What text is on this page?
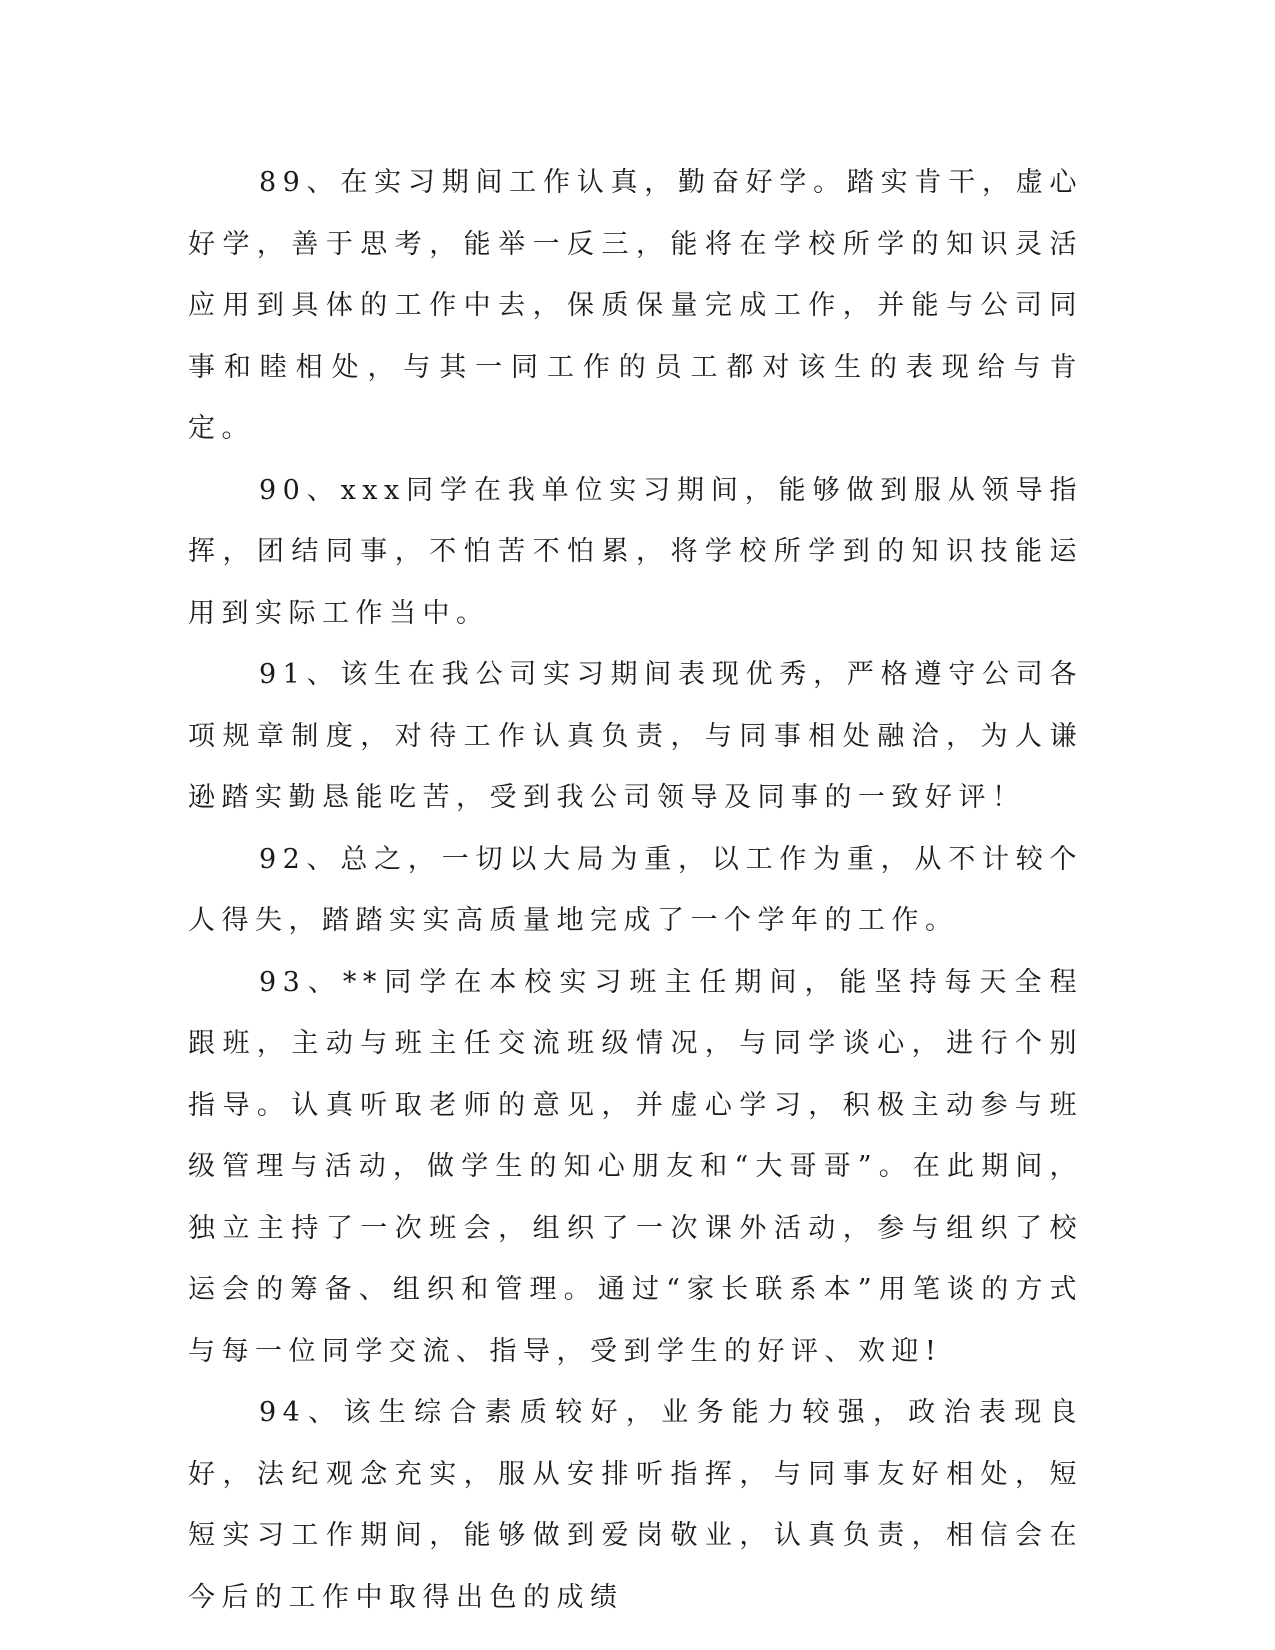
89、在实习期间工作认真，勤奋好学。踏实肯干，虚心好学，善于思考，能举一反三，能将在学校所学的知识灵活应用到具体的工作中去，保质保量完成工作，并能与公司同事和睦相处，与其一同工作的员工都对该生的表现给与肯定。

90、xxx同学在我单位实习期间，能够做到服从领导指挥，团结同事，不怕苦不怕累，将学校所学到的知识技能运用到实际工作当中。

91、该生在我公司实习期间表现优秀，严格遵守公司各项规章制度，对待工作认真负责，与同事相处融洽，为人谦逊踏实勤恳能吃苦，受到我公司领导及同事的一致好评！

92、总之，一切以大局为重，以工作为重，从不计较个人得失，踏踏实实高质量地完成了一个学年的工作。

93、**同学在本校实习班主任期间，能坚持每天全程跟班，主动与班主任交流班级情况，与同学谈心，进行个别指导。认真听取老师的意见，并虚心学习，积极主动参与班级管理与活动，做学生的知心朋友和“大哥哥”。在此期间，独立主持了一次班会，组织了一次课外活动，参与组织了校运会的筹备、组织和管理。通过“家长联系本”用笔谈的方式与每一位同学交流、指导，受到学生的好评、欢迎!

94、该生综合素质较好，业务能力较强，政治表现良好，法纪观念充实，服从安排听指挥，与同事友好相处，短短实习工作期间，能够做到爱岗敬业，认真负责，相信会在今后的工作中取得出色的成绩
